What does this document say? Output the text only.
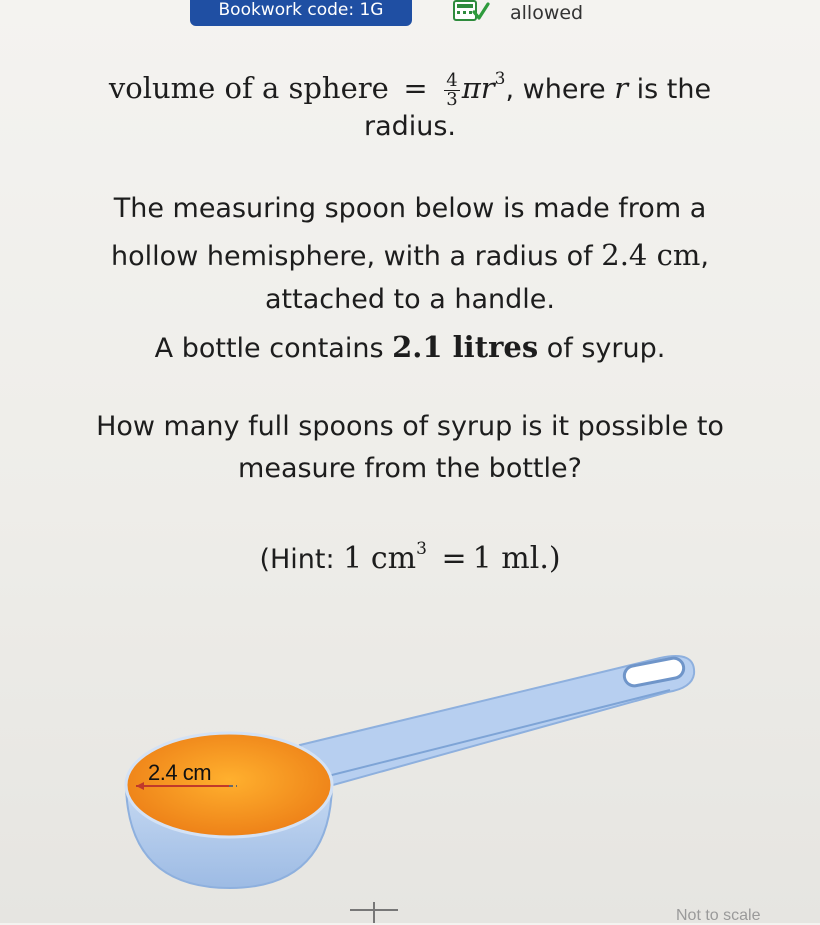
Bookwork code: 1G	allowed
volume of a sphere = $\frac{4}{3} \pi r^3$, where r is the
radius.
The measuring spoon below is made from a
hollow hemisphere, with a radius of 2.4 cm,
attached to a handle.
A bottle contains 2.1 litres of syrup.
How many full spoons of syrup is it possible to
measure from the bottle?
(Hint: 1 $cm^3 = 1$ ml.)
2.4 cm
Not to scale
